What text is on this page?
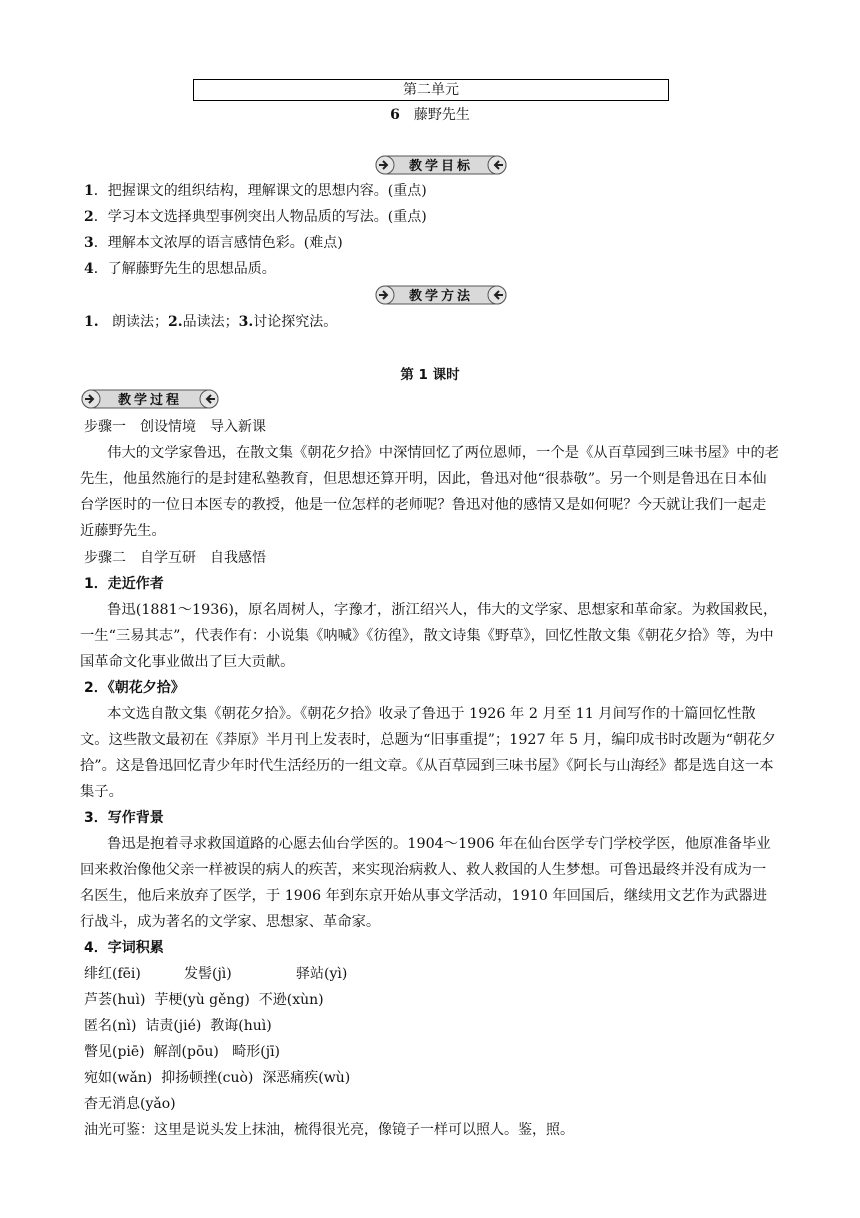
第二单元
6 藤野先生
教学目标
1．把握课文的组织结构，理解课文的思想内容。(重点)
2．学习本文选择典型事例突出人物品质的写法。(重点)
3．理解本文浓厚的语言感情色彩。(难点)
4．了解藤野先生的思想品质。
教学方法
1. 朗读法；2.品读法；3.讨论探究法。
第 1 课时
教学过程
步骤一　创设情境　导入新课
伟大的文学家鲁迅，在散文集《朝花夕拾》中深情回忆了两位恩师，一个是《从百草园到三味书屋》中的老先生，他虽然施行的是封建私塾教育，但思想还算开明，因此，鲁迅对他“很恭敬”。另一个则是鲁迅在日本仙台学医时的一位日本医专的教授，他是一位怎样的老师呢？鲁迅对他的感情又是如何呢？今天就让我们一起走近藤野先生。
步骤二　自学互研　自我感悟
1．走近作者
鲁迅(1881～1936)，原名周树人，字豫才，浙江绍兴人，伟大的文学家、思想家和革命家。为救国救民，一生“三易其志”，代表作有：小说集《呐喊》《彷徨》，散文诗集《野草》，回忆性散文集《朝花夕拾》等，为中国革命文化事业做出了巨大贡献。
2．《朝花夕拾》
本文选自散文集《朝花夕拾》。《朝花夕拾》收录了鲁迅于 1926 年 2 月至 11 月间写作的十篇回忆性散文。这些散文最初在《莽原》半月刊上发表时，总题为“旧事重提”；1927 年 5 月，编印成书时改题为“朝花夕拾”。这是鲁迅回忆青少年时代生活经历的一组文章。《从百草园到三味书屋》《阿长与山海经》都是选自这一本集子。
3．写作背景
鲁迅是抱着寻求救国道路的心愿去仙台学医的。1904～1906 年在仙台医学专门学校学医，他原准备毕业回来救治像他父亲一样被误的病人的疾苦，来实现治病救人、救人救国的人生梦想。可鲁迅最终并没有成为一名医生，他后来放弃了医学，于 1906 年到东京开始从事文学活动，1910 年回国后，继续用文艺作为武器进行战斗，成为著名的文学家、思想家、革命家。
4．字词积累
绯红(fēi)	发髻(jì)	驿站(yì)
芦荟(huì) 芋梗(yù gěng) 不逊(xùn)
匿名(nì) 诘责(jié) 教诲(huì)
瞥见(piē) 解剖(pōu) 畸形(jī)
宛如(wǎn) 抑扬顿挫(cuò) 深恶痛疾(wù)
杳无消息(yǎo)
油光可鉴：这里是说头发上抹油，梳得很光亮，像镜子一样可以照人。鉴，照。
